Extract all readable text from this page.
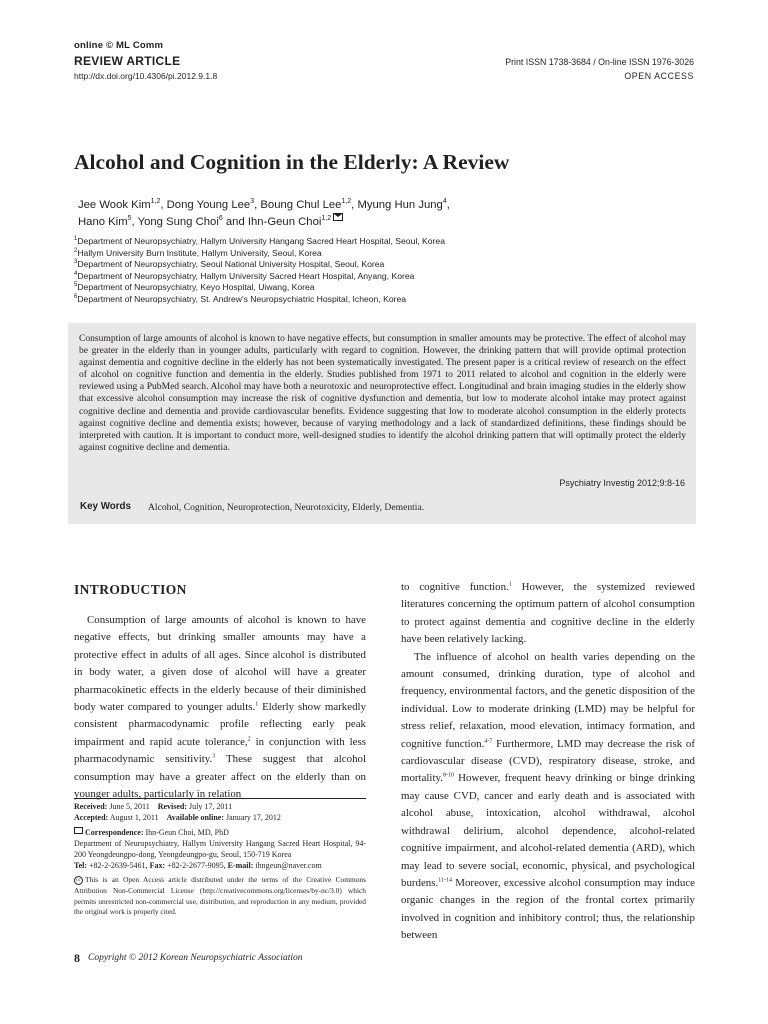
online © ML Comm
REVIEW ARTICLE
http://dx.doi.org/10.4306/pi.2012.9.1.8
Print ISSN 1738-3684 / On-line ISSN 1976-3026
OPEN ACCESS
Alcohol and Cognition in the Elderly: A Review
Jee Wook Kim$^{1,2}$, Dong Young Lee$^3$, Boung Chul Lee$^{1,2}$, Myung Hun Jung$^4$,
Hano Kim$^5$, Yong Sung Choi$^6$ and Ihn-Geun Choi$^{1,2}$
$^1$Department of Neuropsychiatry, Hallym University Hangang Sacred Heart Hospital, Seoul, Korea
$^2$Hallym University Burn Institute, Hallym University, Seoul, Korea
$^3$Department of Neuropsychiatry, Seoul National University Hospital, Seoul, Korea
$^4$Department of Neuropsychiatry, Hallym University Sacred Heart Hospital, Anyang, Korea
$^5$Department of Neuropsychiatry, Keyo Hospital, Uiwang, Korea
$^6$Department of Neuropsychiatry, St. Andrew's Neuropsychiatric Hospital, Icheon, Korea
Consumption of large amounts of alcohol is known to have negative effects, but consumption in smaller amounts may be protective. The effect of alcohol may be greater in the elderly than in younger adults, particularly with regard to cognition. However, the drinking pattern that will provide optimal protection against dementia and cognitive decline in the elderly has not been systematically investigated. The present paper is a critical review of research on the effect of alcohol on cognitive function and dementia in the elderly. Studies published from 1971 to 2011 related to alcohol and cognition in the elderly were reviewed using a PubMed search. Alcohol may have both a neurotoxic and neuroprotective effect. Longitudinal and brain imaging studies in the elderly show that excessive alcohol consumption may increase the risk of cognitive dysfunction and dementia, but low to moderate alcohol intake may protect against cognitive decline and dementia and provide cardiovascular benefits. Evidence suggesting that low to moderate alcohol consumption in the elderly protects against cognitive decline and dementia exists; however, because of varying methodology and a lack of standardized definitions, these findings should be interpreted with caution. It is important to conduct more, well-designed studies to identify the alcohol drinking pattern that will optimally protect the elderly against cognitive decline and dementia.
Psychiatry Investig 2012;9:8-16
Key Words Alcohol, Cognition, Neuroprotection, Neurotoxicity, Elderly, Dementia.
INTRODUCTION

Consumption of large amounts of alcohol is known to have negative effects, but drinking smaller amounts may have a protective effect in adults of all ages. Since alcohol is distributed in body water, a given dose of alcohol will have a greater pharmacokinetic effects in the elderly because of their diminished body water compared to younger adults.$^1$ Elderly show markedly consistent pharmacodynamic profile reflecting early peak impairment and rapid acute tolerance,$^2$ in conjunction with less pharmacodynamic sensitivity.$^3$ These suggest that alcohol consumption may have a greater affect on the elderly than on younger adults, particularly in relation

to cognitive function.$^1$ However, the systemized reviewed literatures concerning the optimum pattern of alcohol consumption to protect against dementia and cognitive decline in the elderly have been relatively lacking.

The influence of alcohol on health varies depending on the amount consumed, drinking duration, type of alcohol and frequency, environmental factors, and the genetic disposition of the individual. Low to moderate drinking (LMD) may be helpful for stress relief, relaxation, mood elevation, intimacy formation, and cognitive function.$^{4-7}$ Furthermore, LMD may decrease the risk of cardiovascular disease (CVD), respiratory disease, stroke, and mortality.$^{8-10}$ However, frequent heavy drinking or binge drinking may cause CVD, cancer and early death and is associated with alcohol abuse, intoxication, alcohol withdrawal, alcohol withdrawal delirium, alcohol dependence, alcohol-related cognitive impairment, and alcohol-related dementia (ARD), which may lead to severe social, economic, physical, and psychological burdens.$^{11-14}$ Moreover, excessive alcohol consumption may induce organic changes in the region of the frontal cortex primarily involved in cognition and inhibitory control; thus, the relationship between

Received: June 5, 2011 Revised: July 17, 2011
Accepted: August 1, 2011 Available online: January 17, 2012
Correspondence: Ihn-Geun Choi, MD, PhD
Department of Neuropsychiatry, Hallym University Hangang Sacred Heart Hospital, 94-200 Yeongdeungpo-dong, Yeongdeungpo-gu, Seoul, 150-719 Korea
Tel: +82-2-2639-5461, Fax: +82-2-2677-9095, E-mail: ihngeun@naver.com
cc This is an Open Access article distributed under the terms of the Creative Commons Attribution Non-Commercial License (http://creativecommons.org/licenses/by-nc/3.0) which permits unrestricted non-commercial use, distribution, and reproduction in any medium, provided the original work is properly cited.
8 Copyright © 2012 Korean Neuropsychiatric Association
